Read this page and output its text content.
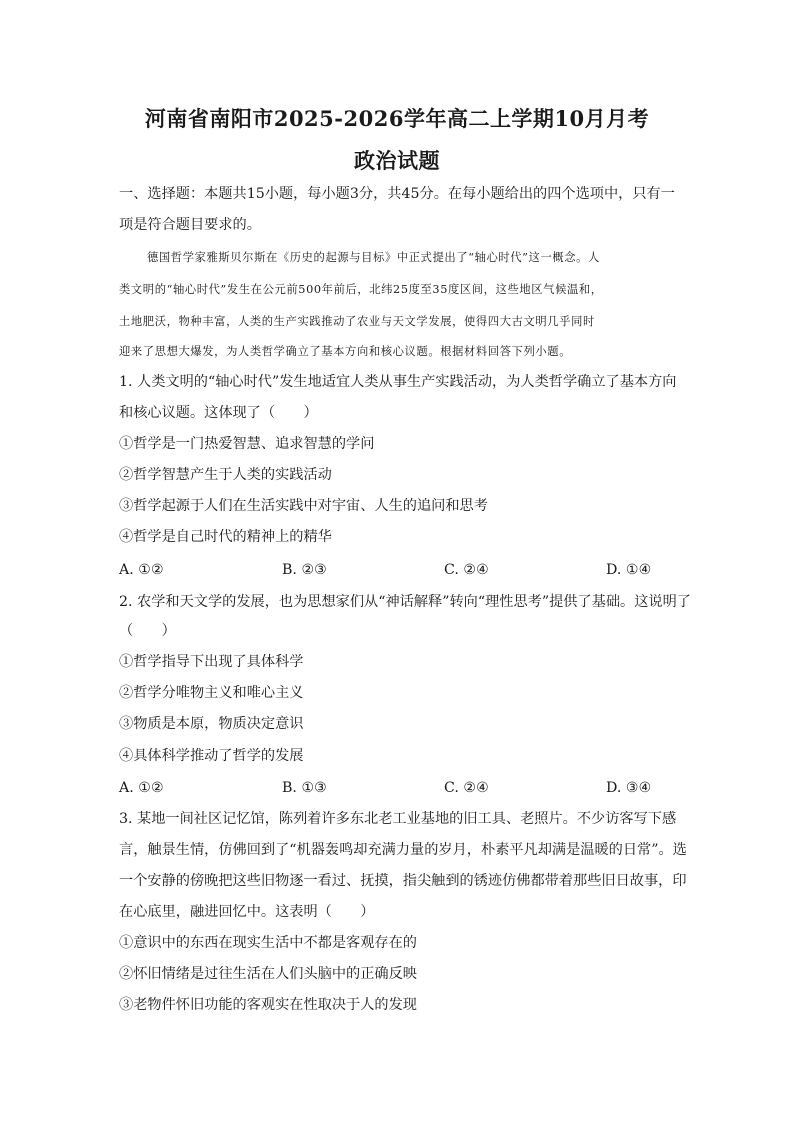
河南省南阳市2025-2026学年高二上学期10月月考
政治试题
一、选择题：本题共15小题，每小题3分，共45分。在每小题给出的四个选项中，只有一
项是符合题目要求的。
德国哲学家雅斯贝尔斯在《历史的起源与目标》中正式提出了“轴心时代”这一概念。人
类文明的“轴心时代”发生在公元前500年前后，北纬25度至35度区间，这些地区气候温和，
土地肥沃，物种丰富，人类的生产实践推动了农业与天文学发展，使得四大古文明几乎同时
迎来了思想大爆发，为人类哲学确立了基本方向和核心议题。根据材料回答下列小题。
1. 人类文明的“轴心时代”发生地适宜人类从事生产实践活动，为人类哲学确立了基本方向
和核心议题。这体现了（　　）
①哲学是一门热爱智慧、追求智慧的学问
②哲学智慧产生于人类的实践活动
③哲学起源于人们在生活实践中对宇宙、人生的追问和思考
④哲学是自己时代的精神上的精华
A. ①②	B. ②③	C. ②④	D. ①④
2. 农学和天文学的发展，也为思想家们从“神话解释”转向“理性思考”提供了基础。这说明了
（　　）
①哲学指导下出现了具体科学
②哲学分唯物主义和唯心主义
③物质是本原，物质决定意识
④具体科学推动了哲学的发展
A. ①②	B. ①③	C. ②④	D. ③④
3. 某地一间社区记忆馆，陈列着许多东北老工业基地的旧工具、老照片。不少访客写下感
言，触景生情，仿佛回到了“机器轰鸣却充满力量的岁月，朴素平凡却满是温暖的日常”。选
一个安静的傍晚把这些旧物逐一看过、抚摸，指尖触到的锈迹仿佛都带着那些旧日故事，印
在心底里，融进回忆中。这表明（　　）
①意识中的东西在现实生活中不都是客观存在的
②怀旧情绪是过往生活在人们头脑中的正确反映
③老物件怀旧功能的客观实在性取决于人的发现
